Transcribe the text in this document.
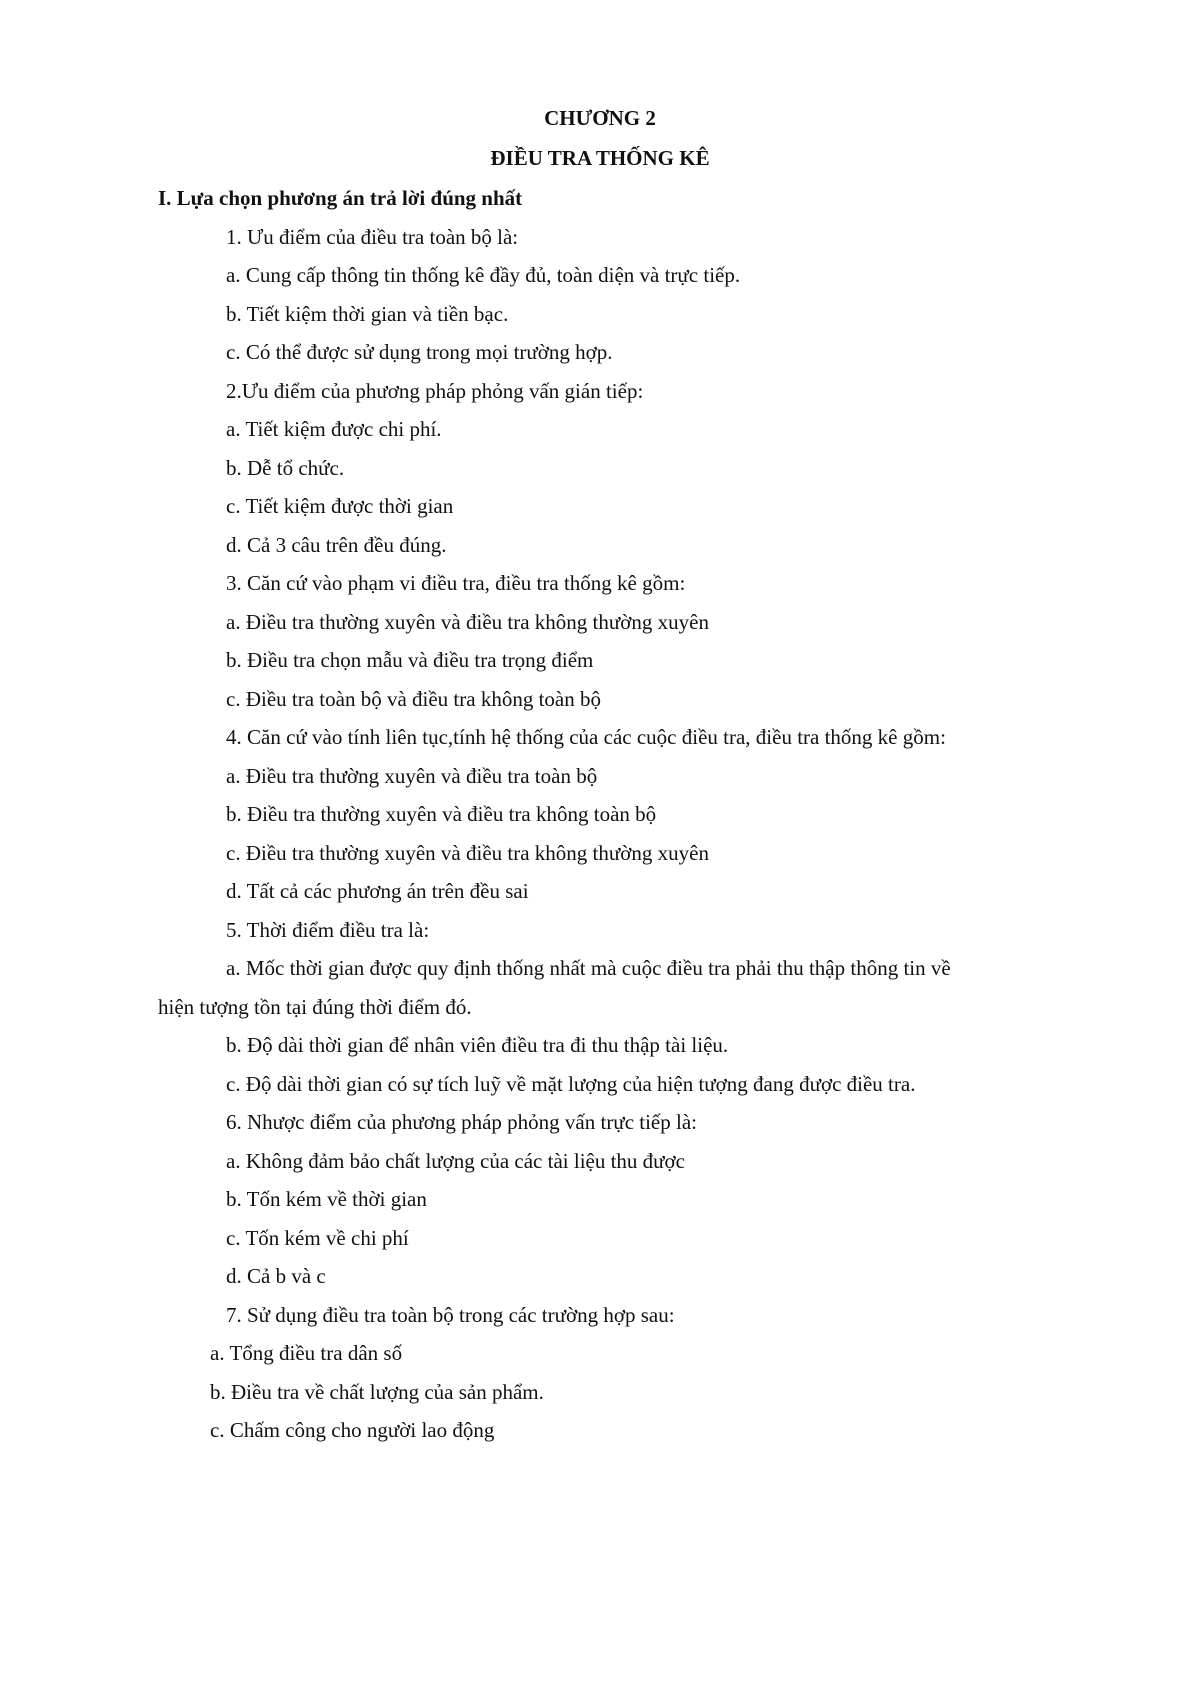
CHƯƠNG 2
ĐIỀU TRA THỐNG KÊ
I. Lựa chọn phương án trả lời đúng nhất
1. Ưu điểm của điều tra toàn bộ là:
a. Cung cấp thông tin thống kê đầy đủ, toàn diện và trực tiếp.
b. Tiết kiệm thời gian và tiền bạc.
c. Có thể được sử dụng trong mọi trường hợp.
2.Ưu điểm của phương pháp phỏng vấn gián tiếp:
a. Tiết kiệm được chi phí.
b. Dễ tổ chức.
c. Tiết kiệm được thời gian
d. Cả 3 câu trên đều đúng.
3. Căn cứ vào phạm vi điều tra, điều tra thống kê gồm:
a. Điều tra thường xuyên và điều tra không thường xuyên
b. Điều tra chọn mẫu và điều tra trọng điểm
c. Điều tra toàn bộ và điều tra không toàn bộ
4. Căn cứ vào tính liên tục,tính hệ thống của các cuộc điều tra, điều tra thống kê gồm:
a. Điều tra thường xuyên và điều tra toàn bộ
b. Điều tra thường xuyên và điều tra không toàn bộ
c. Điều tra thường xuyên và điều tra không thường xuyên
d. Tất cả các phương án trên đều sai
5. Thời điểm điều tra là:
a. Mốc thời gian được quy định thống nhất mà cuộc điều tra phải thu thập thông tin về
hiện tượng tồn tại đúng thời điểm đó.
b. Độ dài thời gian để nhân viên điều tra đi thu thập tài liệu.
c. Độ dài thời gian có sự tích luỹ về mặt lượng của hiện tượng đang được điều tra.
6. Nhược điểm của phương pháp phỏng vấn trực tiếp là:
a. Không đảm bảo chất lượng của các tài liệu thu được
b. Tốn kém về thời gian
c. Tốn kém về chi phí
d. Cả b và c
7. Sử dụng điều tra toàn bộ trong các trường hợp sau:
a. Tổng điều tra dân số
b. Điều tra về chất lượng của sản phẩm.
c. Chấm công cho người lao động
